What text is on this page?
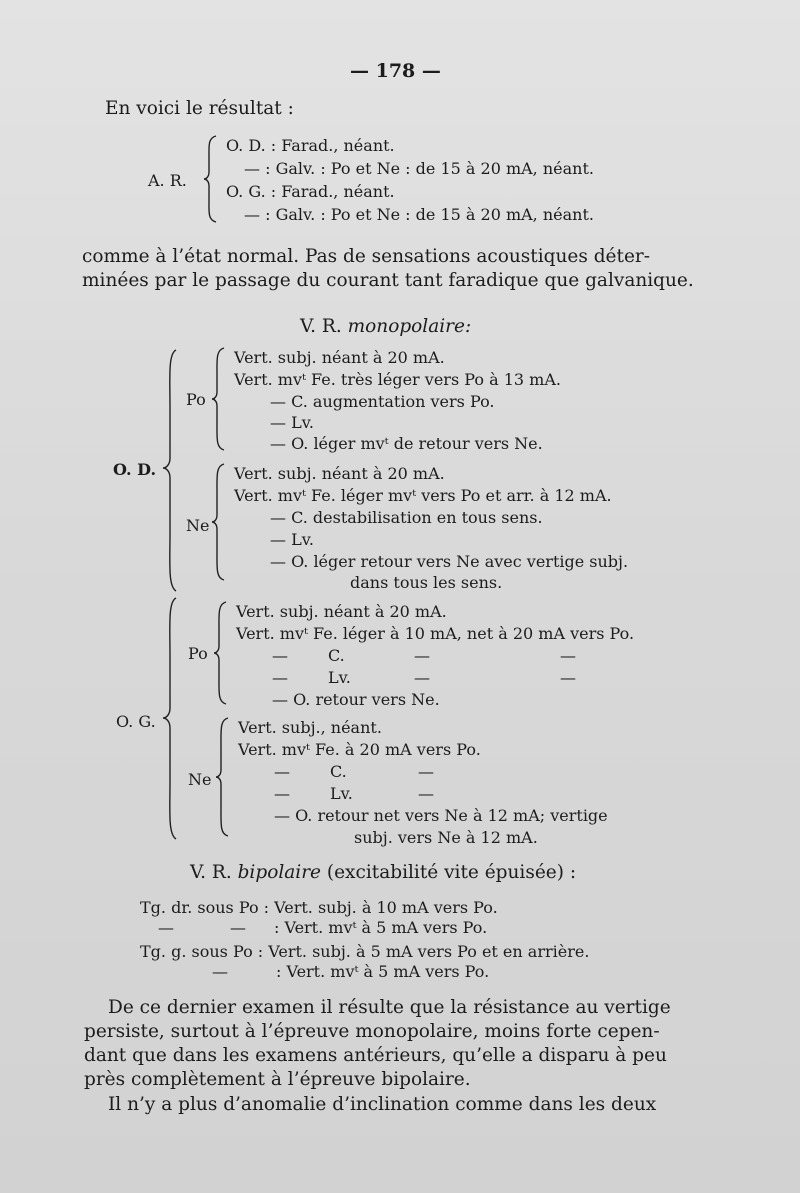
— 178 —
En voici le résultat :
A. R.
O. D. : Farad., néant.
— : Galv. : Po et Ne : de 15 à 20 mA, néant.
O. G. : Farad., néant.
— : Galv. : Po et Ne : de 15 à 20 mA, néant.
comme à l’état normal. Pas de sensations acoustiques déter-
minées par le passage du courant tant faradique que galvanique.
V. R. monopolaire:
O. D.
Po
Vert. subj. néant à 20 mA.
Vert. mvᵗ Fe. très léger vers Po à 13 mA.
— C. augmentation vers Po.
— Lv.
— O. léger mvᵗ de retour vers Ne.
Ne
Vert. subj. néant à 20 mA.
Vert. mvᵗ Fe. léger mvᵗ vers Po et arr. à 12 mA.
— C. destabilisation en tous sens.
— Lv.
— O. léger retour vers Ne avec vertige subj.
dans tous les sens.
O. G.
Po
Vert. subj. néant à 20 mA.
Vert. mvᵗ Fe. léger à 10 mA, net à 20 mA vers Po.
—	C.	—	—
—	Lv.	—	—
— O. retour vers Ne.
Ne
Vert. subj., néant.
Vert. mvᵗ Fe. à 20 mA vers Po.
—	C.	—
—	Lv.	—
— O. retour net vers Ne à 12 mA; vertige
subj. vers Ne à 12 mA.
V. R. bipolaire (excitabilité vite épuisée) :
Tg. dr. sous Po : Vert. subj. à 10 mA vers Po.
—	— : Vert. mvᵗ à 5 mA vers Po.
Tg. g. sous Po : Vert. subj. à 5 mA vers Po et en arrière.
—	: Vert. mvᵗ à 5 mA vers Po.
De ce dernier examen il résulte que la résistance au vertige
persiste, surtout à l’épreuve monopolaire, moins forte cepen-
dant que dans les examens antérieurs, qu’elle a disparu à peu
près complètement à l’épreuve bipolaire.
Il n’y a plus d’anomalie d’inclination comme dans les deux
